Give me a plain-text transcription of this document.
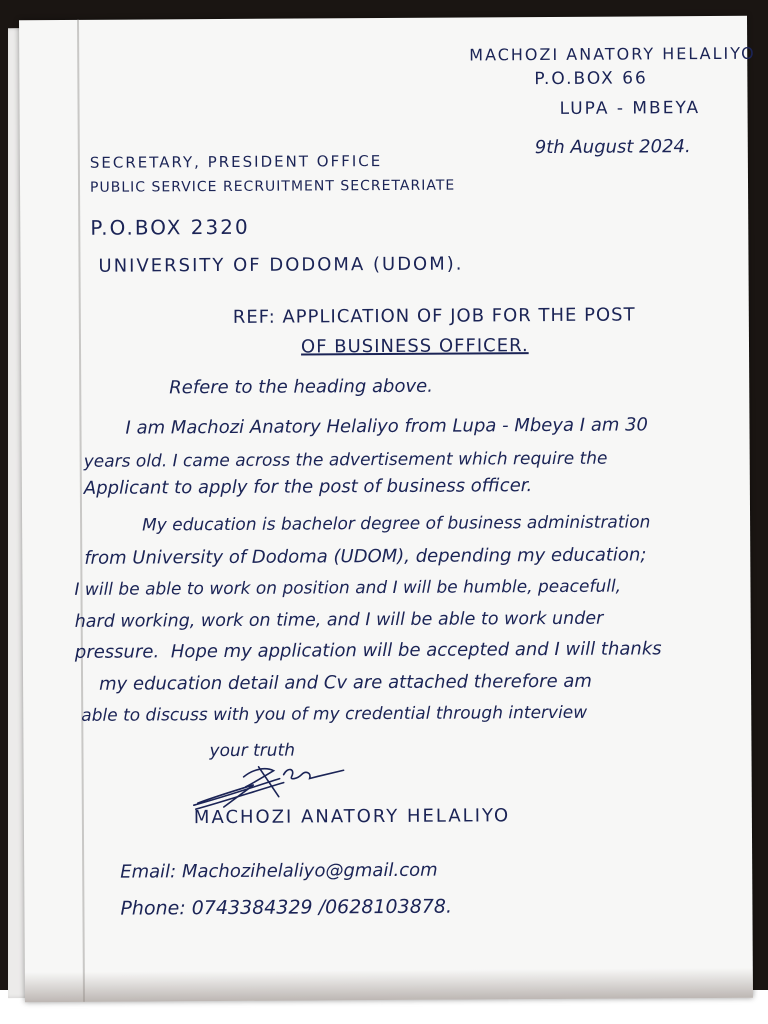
MACHOZI ANATORY HELALIYO
P.O.BOX 66
LUPA - MBEYA
9th August 2024.
SECRETARY, PRESIDENT OFFICE
PUBLIC SERVICE RECRUITMENT SECRETARIATE
P.O.BOX 2320
UNIVERSITY OF DODOMA (UDOM).
REF: APPLICATION OF JOB FOR THE POST
OF BUSINESS OFFICER.
Refere to the heading above.
I am Machozi Anatory Helaliyo from Lupa - Mbeya I am 30
years old. I came across the advertisement which require the
Applicant to apply for the post of business officer.
My education is bachelor degree of business administration
from University of Dodoma (UDOM), depending my education;
I will be able to work on position and I will be humble, peacefull,
hard working, work on time, and I will be able to work under
pressure. Hope my application will be accepted and I will thanks
my education detail and Cv are attached therefore am
able to discuss with you of my credential through interview
your truth
MACHOZI ANATORY HELALIYO
Email: Machozihelaliyo@gmail.com
Phone: 0743384329 /0628103878.
